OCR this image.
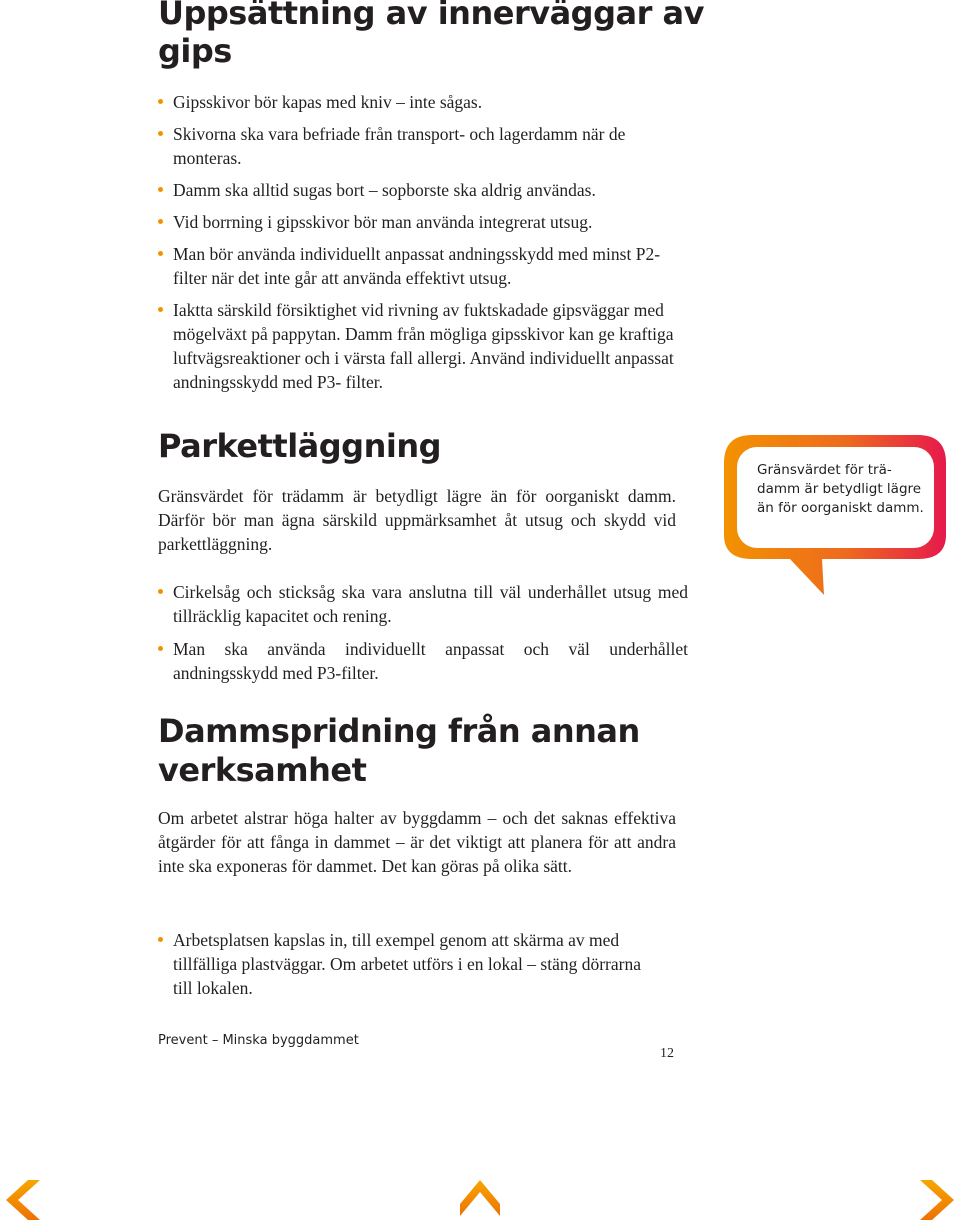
Uppsättning av innerväggar av gips
Gipsskivor bör kapas med kniv – inte sågas.
Skivorna ska vara befriade från transport- och lagerdamm när de monteras.
Damm ska alltid sugas bort – sopborste ska aldrig användas.
Vid borrning i gipsskivor bör man använda integrerat utsug.
Man bör använda individuellt anpassat andningsskydd med minst P2-filter när det inte går att använda effektivt utsug.
Iaktta särskild försiktighet vid rivning av fuktskadade gipsväggar med mögelväxt på pappytan. Damm från mögliga gipsskivor kan ge kraftiga luftvägsreaktioner och i värsta fall allergi. Använd individuellt anpassat andningsskydd med P3- filter.
Parkettläggning

Gränsvärdet för trädamm är betydligt lägre än för oorganiskt damm. Därför bör man ägna särskild uppmärksamhet åt utsug och skydd vid parkettläggning.

Gränsvärdet för trädamm är betydligt lägre än för oorganiskt damm.
Cirkelsåg och sticksåg ska vara anslutna till väl underhållet utsug med tillräcklig kapacitet och rening.
Man ska använda individuellt anpassat och väl underhållet andningsskydd med P3-filter.
Dammspridning från annan verksamhet

Om arbetet alstrar höga halter av byggdamm – och det saknas effektiva åtgärder för att fånga in dammet – är det viktigt att planera för att andra inte ska exponeras för dammet. Det kan göras på olika sätt.

Arbetsplatsen kapslas in, till exempel genom att skärma av med tillfälliga plastväggar. Om arbetet utförs i en lokal – stäng dörrarna till lokalen.
Prevent – Minska byggdammet
12
